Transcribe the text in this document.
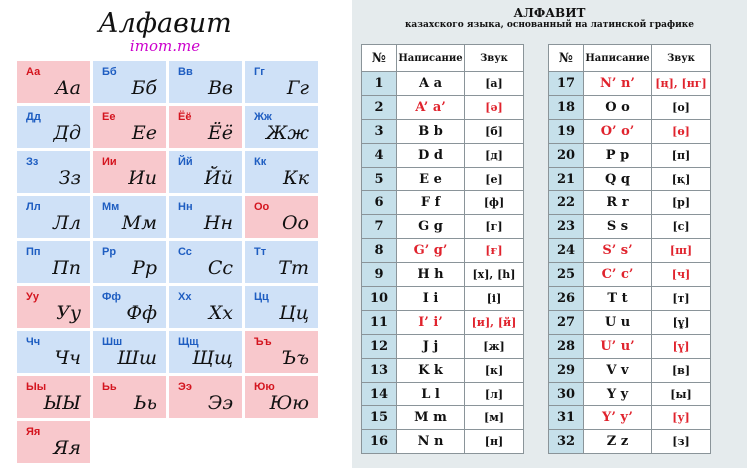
Алфавит
imom.me
Аа
Аа
Бб
Бб
Вв
Вв
Гг
Гг
Дд
Дд
Ее
Ее
Ёё
Ёё
Жж
Жж
Зз
Зз
Ии
Ии
Йй
Йй
Кк
Кк
Лл
Лл
Мм
Мм
Нн
Нн
Оо
Оо
Пп
Пп
Рр
Рр
Сс
Сс
Тт
Тт
Уу
Уу
Фф
Фф
Хх
Хх
Цц
Цц
Чч
Чч
Шш
Шш
Щщ
Щщ
Ъъ
Ъъ
Ыы
ЫЫ
Ьь
Ьь
Ээ
Ээ
Юю
Юю
Яя
Яя
АЛФАВИТ
казахского языка, основанный на латинской графике
№	Написание	Звук
1	A a	[а]
2	A’ a’	[ә]
3	B b	[б]
4	D d	[д]
5	E e	[е]
6	F f	[ф]
7	G g	[г]
8	G’ g’	[ғ]
9	H h	[х], [һ]
10	I i	[і]
11	I’ i’	[и], [й]
12	J j	[ж]
13	K k	[к]
14	L l	[л]
15	M m	[м]
16	N n	[н]
№	Написание	Звук
17	N’ n’	[ң], [нг]
18	O o	[о]
19	O’ o’	[ө]
20	P p	[п]
21	Q q	[қ]
22	R r	[р]
23	S s	[с]
24	S’ s’	[ш]
25	C’ c’	[ч]
26	T t	[т]
27	U u	[ұ]
28	U’ u’	[ү]
29	V v	[в]
30	Y y	[ы]
31	Y’ y’	[у]
32	Z z	[з]
